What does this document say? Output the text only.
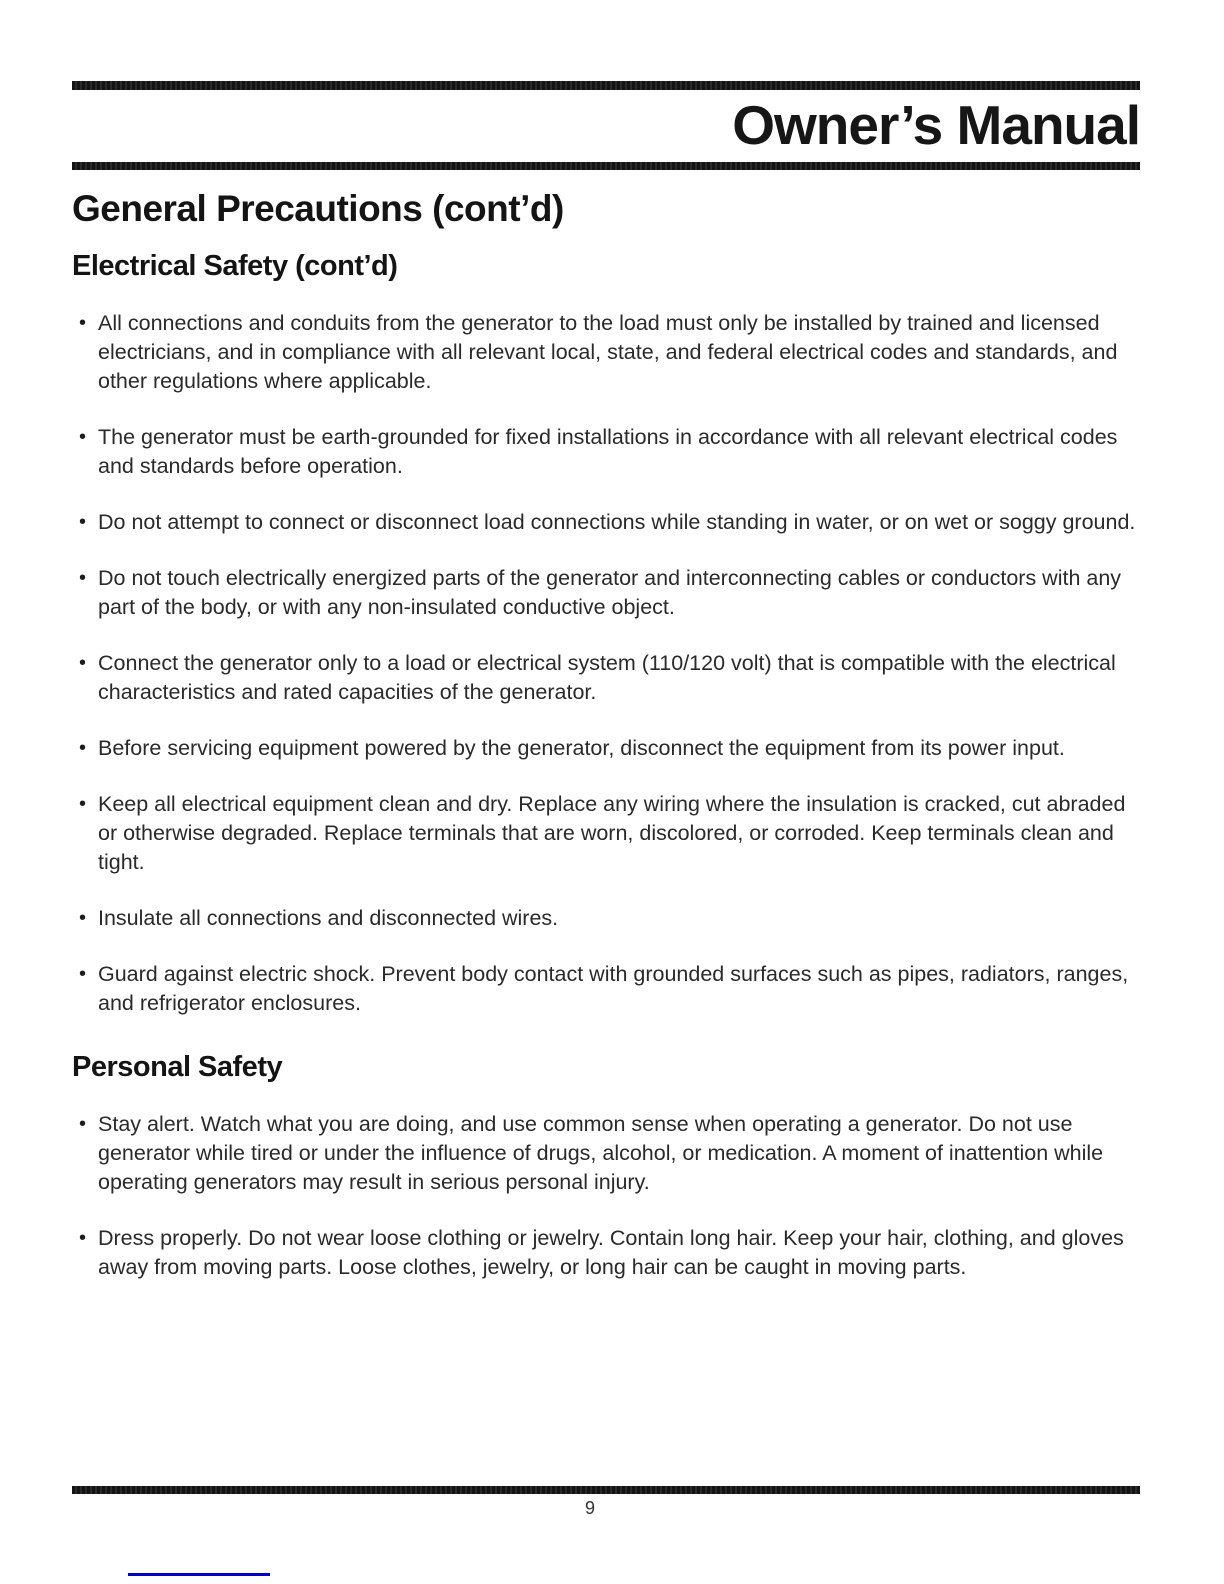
Owner’s Manual
General Precautions (cont’d)
Electrical Safety (cont’d)
• All connections and conduits from the generator to the load must only be installed by trained and licensed electricians, and in compliance with all relevant local, state, and federal electrical codes and standards, and other regulations where applicable.
• The generator must be earth-grounded for fixed installations in accordance with all relevant electrical codes and standards before operation.
• Do not attempt to connect or disconnect load connections while standing in water, or on wet or soggy ground.
• Do not touch electrically energized parts of the generator and interconnecting cables or conductors with any part of the body, or with any non-insulated conductive object.
• Connect the generator only to a load or electrical system (110/120 volt) that is compatible with the electrical characteristics and rated capacities of the generator.
• Before servicing equipment powered by the generator, disconnect the equipment from its power input.
• Keep all electrical equipment clean and dry. Replace any wiring where the insulation is cracked, cut abraded or otherwise degraded. Replace terminals that are worn, discolored, or corroded. Keep terminals clean and tight.
• Insulate all connections and disconnected wires.
• Guard against electric shock. Prevent body contact with grounded surfaces such as pipes, radiators, ranges, and refrigerator enclosures.
Personal Safety
• Stay alert. Watch what you are doing, and use common sense when operating a generator. Do not use generator while tired or under the influence of drugs, alcohol, or medication. A moment of inattention while operating generators may result in serious personal injury.
• Dress properly. Do not wear loose clothing or jewelry. Contain long hair. Keep your hair, clothing, and gloves away from moving parts. Loose clothes, jewelry, or long hair can be caught in moving parts.
9
